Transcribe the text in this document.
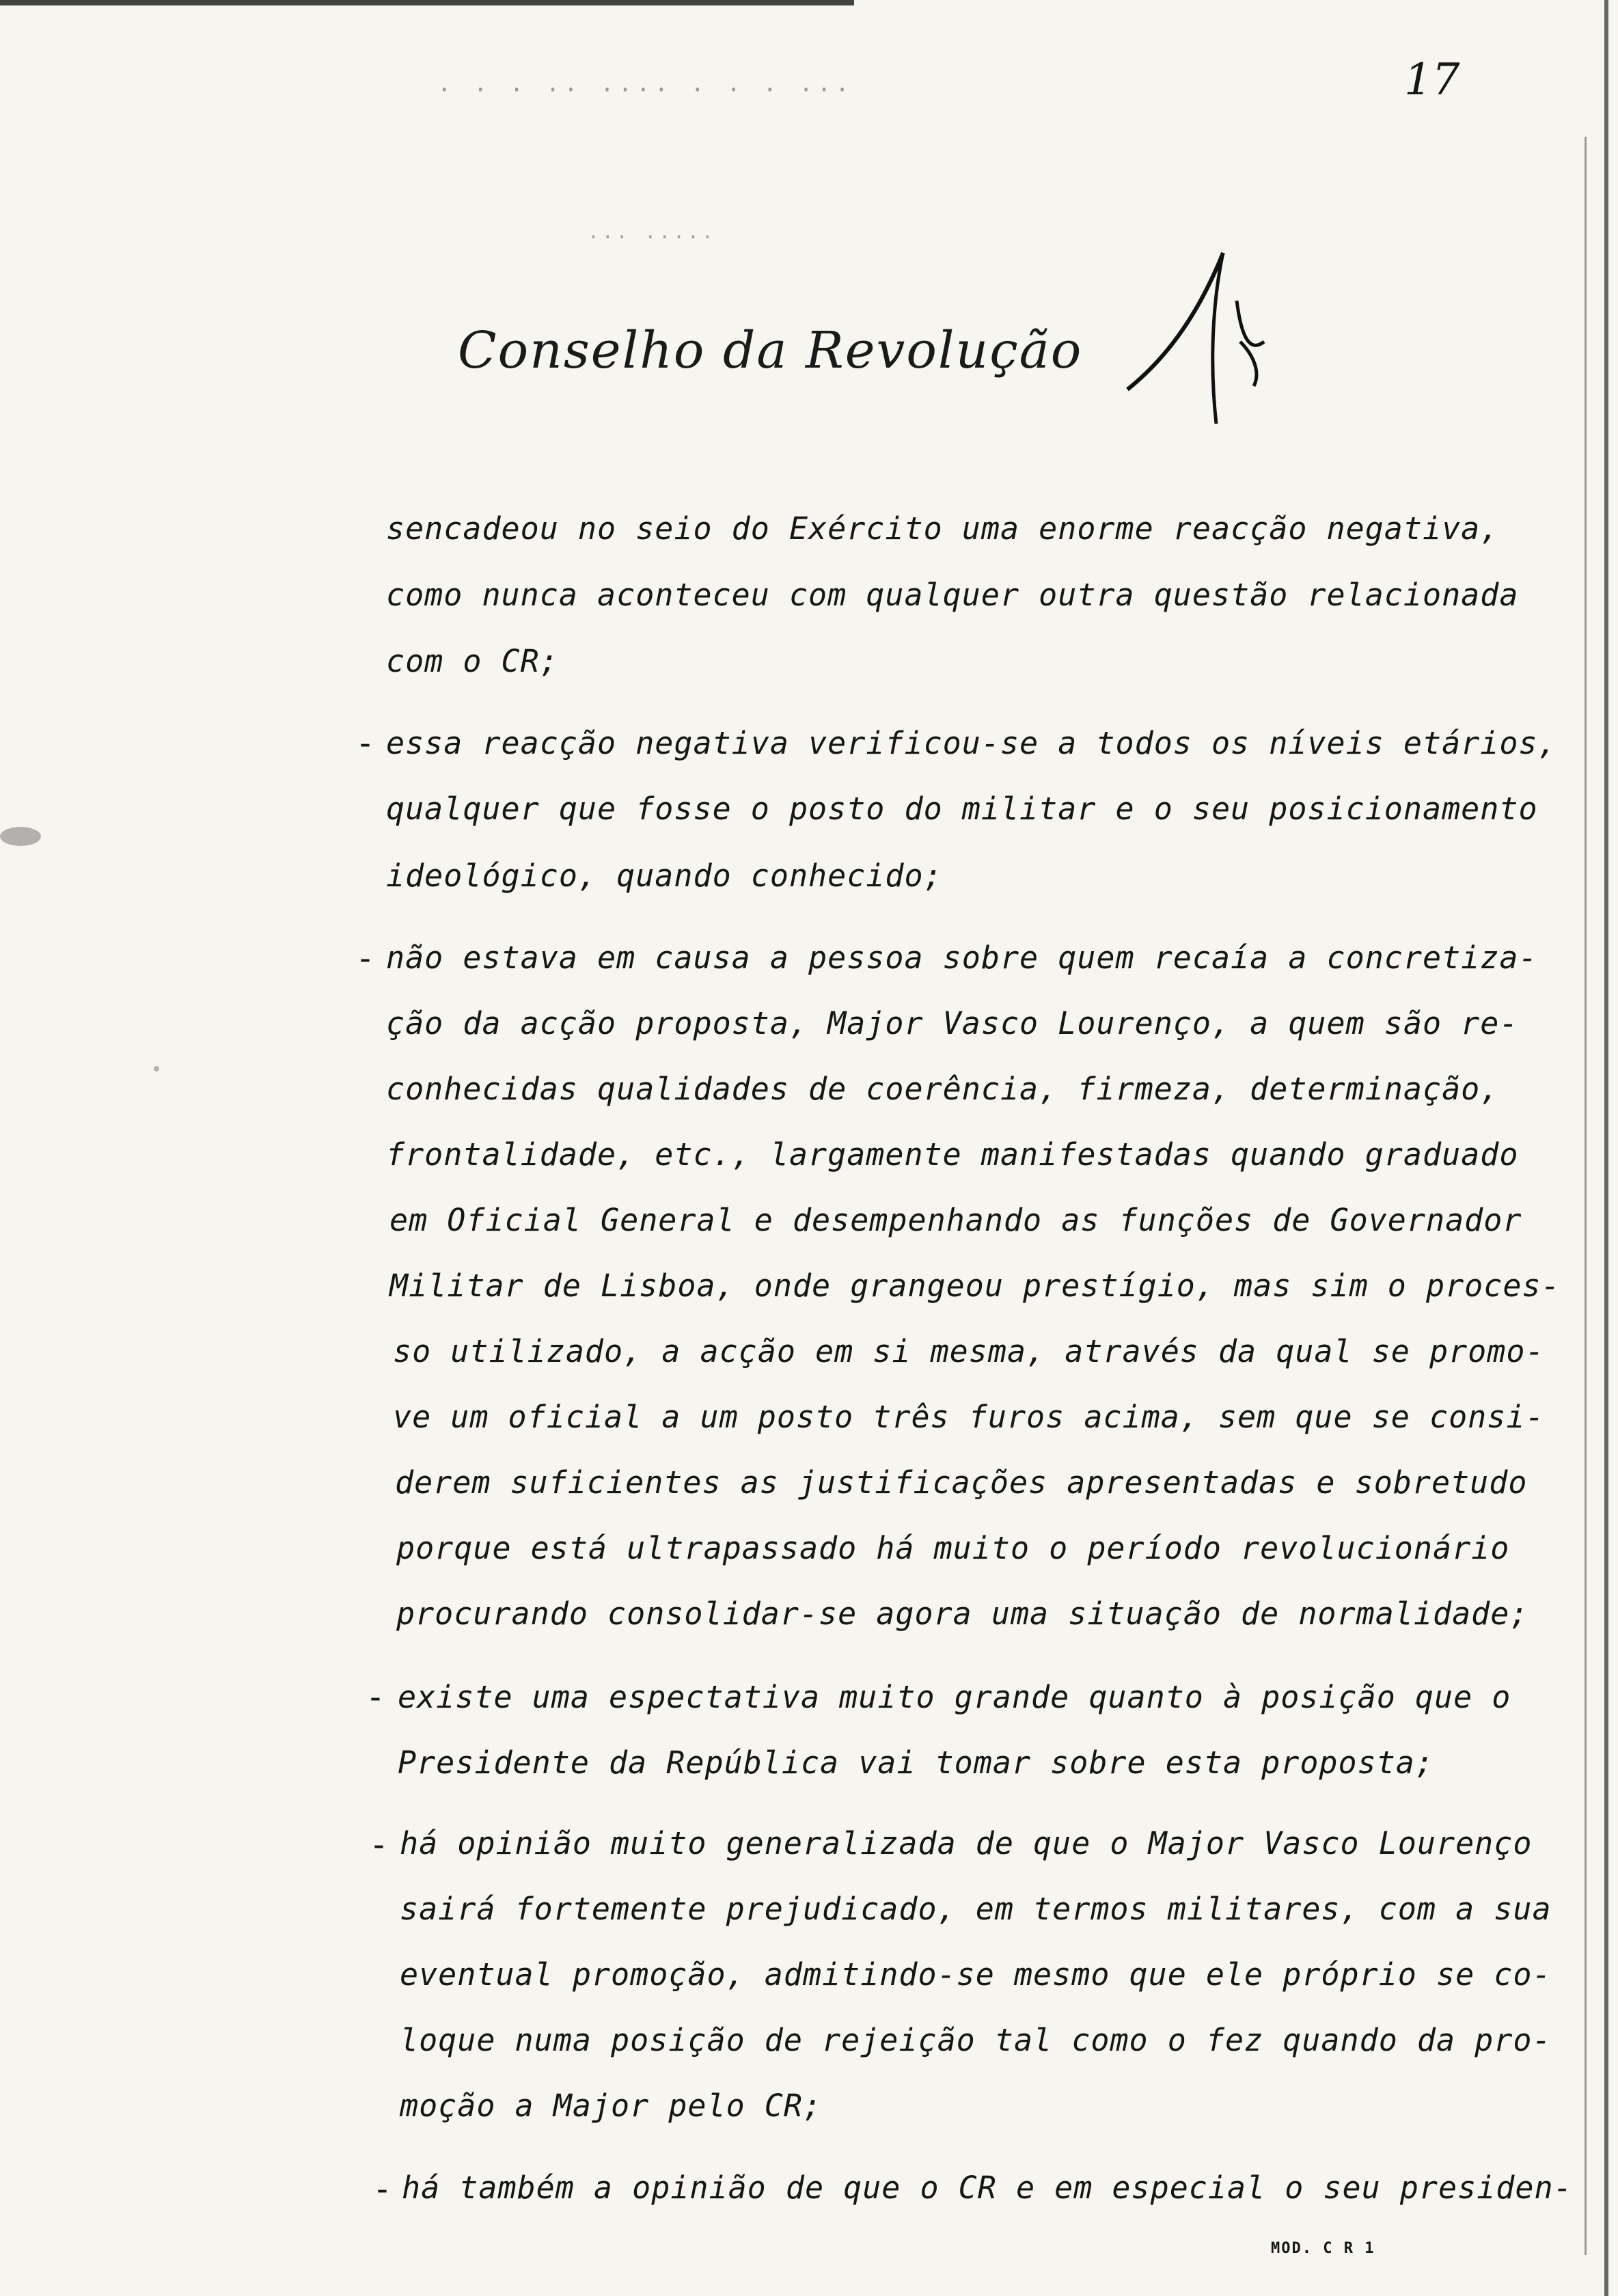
17
· · · ·· ···· · · · ···
··· ·····
Conselho da Revolução
sencadeou no seio do Exército uma enorme reacção negativa,
como nunca aconteceu com qualquer outra questão relacionada
com o CR;
- essa reacção negativa verificou-se a todos os níveis etários,
qualquer que fosse o posto do militar e o seu posicionamento
ideológico, quando conhecido;
- não estava em causa a pessoa sobre quem recaía a concretiza-
ção da acção proposta, Major Vasco Lourenço, a quem são re-
conhecidas qualidades de coerência, firmeza, determinação,
frontalidade, etc., largamente manifestadas quando graduado
em Oficial General e desempenhando as funções de Governador
Militar de Lisboa, onde grangeou prestígio, mas sim o proces-
so utilizado, a acção em si mesma, através da qual se promo-
ve um oficial a um posto três furos acima, sem que se consi-
derem suficientes as justificações apresentadas e sobretudo
porque está ultrapassado há muito o período revolucionário
procurando consolidar-se agora uma situação de normalidade;
- existe uma espectativa muito grande quanto à posição que o
Presidente da República vai tomar sobre esta proposta;
- há opinião muito generalizada de que o Major Vasco Lourenço
sairá fortemente prejudicado, em termos militares, com a sua
eventual promoção, admitindo-se mesmo que ele próprio se co-
loque numa posição de rejeição tal como o fez quando da pro-
moção a Major pelo CR;
- há também a opinião de que o CR e em especial o seu presiden-
MOD. C R 1
